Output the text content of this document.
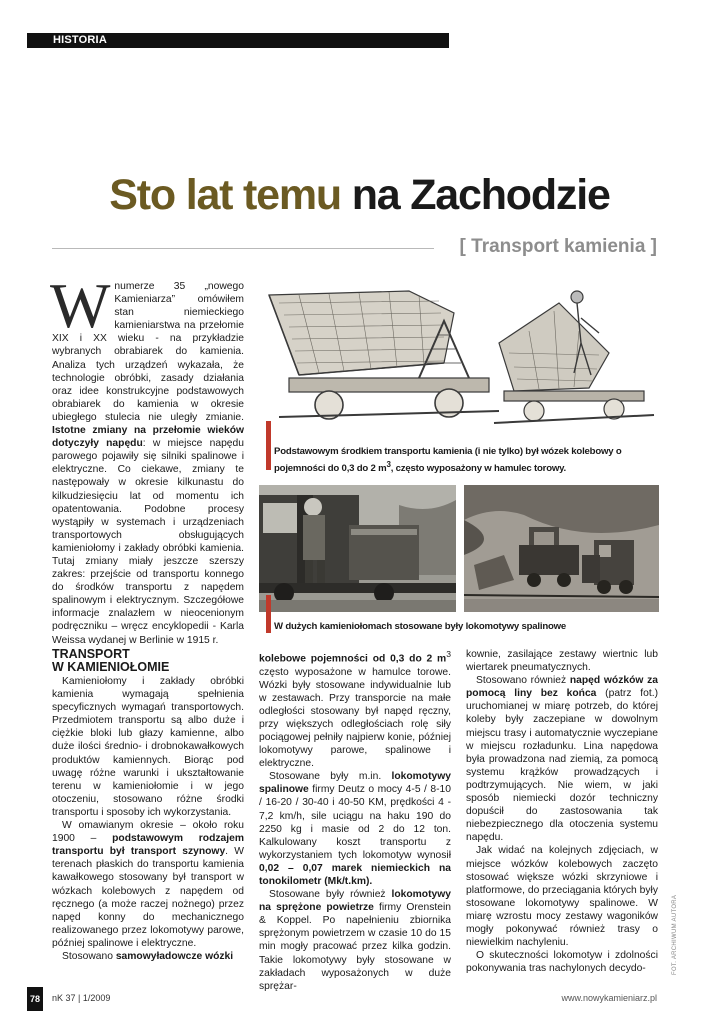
HISTORIA
Sto lat temu na Zachodzie
[ Transport kamienia ]
W numerze 35 „nowego Kamieniarza” omówiłem stan niemieckiego kamieniarstwa na przełomie XIX i XX wieku - na przykładzie wybranych obrabiarek do kamienia. Analiza tych urządzeń wykazała, że technologie obróbki, zasady działania oraz idee konstrukcyjne podstawowych obrabiarek do kamienia w okresie ubiegłego stulecia nie uległy zmianie. Istotne zmiany na przełomie wieków dotyczyły napędu: w miejsce napędu parowego pojawiły się silniki spalinowe i elektryczne. Co ciekawe, zmiany te następowały w okresie kilkunastu do kilkudziesięciu lat od momentu ich opatentowania. Podobne procesy wystąpiły w systemach i urządzeniach transportowych obsługujących kamieniołomy i zakłady obróbki kamienia. Tutaj zmiany miały jeszcze szerszy zakres: przejście od transportu konnego do środków transportu z napędem spalinowym i elektrycznym. Szczegółowe informacje znalazłem w nieocenionym podręczniku – wręcz encyklopedii - Karla Weissa wydanej w Berlinie w 1915 r.
Podstawowym środkiem transportu kamienia (i nie tylko) był wózek kolebowy o pojemności do 0,3 do 2 $m^3$, często wyposażony w hamulec torowy.
W dużych kamieniołomach stosowane były lokomotywy spalinowe
TRANSPORT
W KAMIENIOŁOMIE

Kamieniołomy i zakłady obróbki kamienia wymagają spełnienia specyficznych wymagań transportowych. Przedmiotem transportu są albo duże i ciężkie bloki lub głazy kamienne, albo duże ilości średnio- i drobnokawałkowych produktów kamiennych. Biorąc pod uwagę różne warunki i ukształtowanie terenu w kamieniołomie i w jego otoczeniu, stosowano różne środki transportu i sposoby ich wykorzystania.

W omawianym okresie – około roku 1900 – podstawowym rodzajem transportu był transport szynowy. W terenach płaskich do transportu kamienia kawałkowego stosowany był transport w wózkach kolebowych z napędem od ręcznego (a może raczej nożnego) przez napęd konny do mechanicznego realizowanego przez lokomotywy parowe, później spalinowe i elektryczne.

Stosowano samowyładowcze wózki

kolebowe pojemności od 0,3 do 2 $m^3$ często wyposażone w hamulce torowe. Wózki były stosowane indywidualnie lub w zestawach. Przy transporcie na małe odległości stosowany był napęd ręczny, przy większych odległościach rolę siły pociągowej pełniły najpierw konie, później lokomotywy parowe, spalinowe i elektryczne.

Stosowane były m.in. lokomotywy spalinowe firmy Deutz o mocy 4-5 / 8-10 / 16-20 / 30-40 i 40-50 KM, prędkości 4 - 7,2 km/h, sile uciągu na haku 190 do 2250 kg i masie od 2 do 12 ton. Kalkulowany koszt transportu z wykorzystaniem tych lokomotyw wynosił 0,02 – 0,07 marek niemieckich na tonokilometr (Mk/t.km).

Stosowane były również lokomotywy na sprężone powietrze firmy Orenstein & Koppel. Po napełnieniu zbiornika sprężonym powietrzem w czasie 10 do 15 min mogły pracować przez kilka godzin. Takie lokomotywy były stosowane w zakładach wyposażonych w duże sprężar-

kownie, zasilające zestawy wiertnic lub wiertarek pneumatycznych.

Stosowano również napęd wózków za pomocą liny bez końca (patrz fot.) uruchomianej w miarę potrzeb, do której koleby były zaczepiane w dowolnym miejscu trasy i automatycznie wyczepiane w miejscu rozładunku. Lina napędowa była prowadzona nad ziemią, za pomocą systemu krążków prowadzących i podtrzymujących. Nie wiem, w jaki sposób niemiecki dozór techniczny dopuścił do zastosowania tak niebezpiecznego dla otoczenia systemu napędu.

Jak widać na kolejnych zdjęciach, w miejsce wózków kolebowych zaczęto stosować większe wózki skrzyniowe i platformowe, do przeciągania których były stosowane lokomotywy spalinowe. W miarę wzrostu mocy zestawy wagoników mogły pokonywać również trasy o niewielkim nachyleniu.

O skuteczności lokomotyw i zdolności pokonywania tras nachylonych decydo-	FOT. ARCHIWUM AUTORA
78	nK 37 | 1/2009	www.nowykamieniarz.pl
